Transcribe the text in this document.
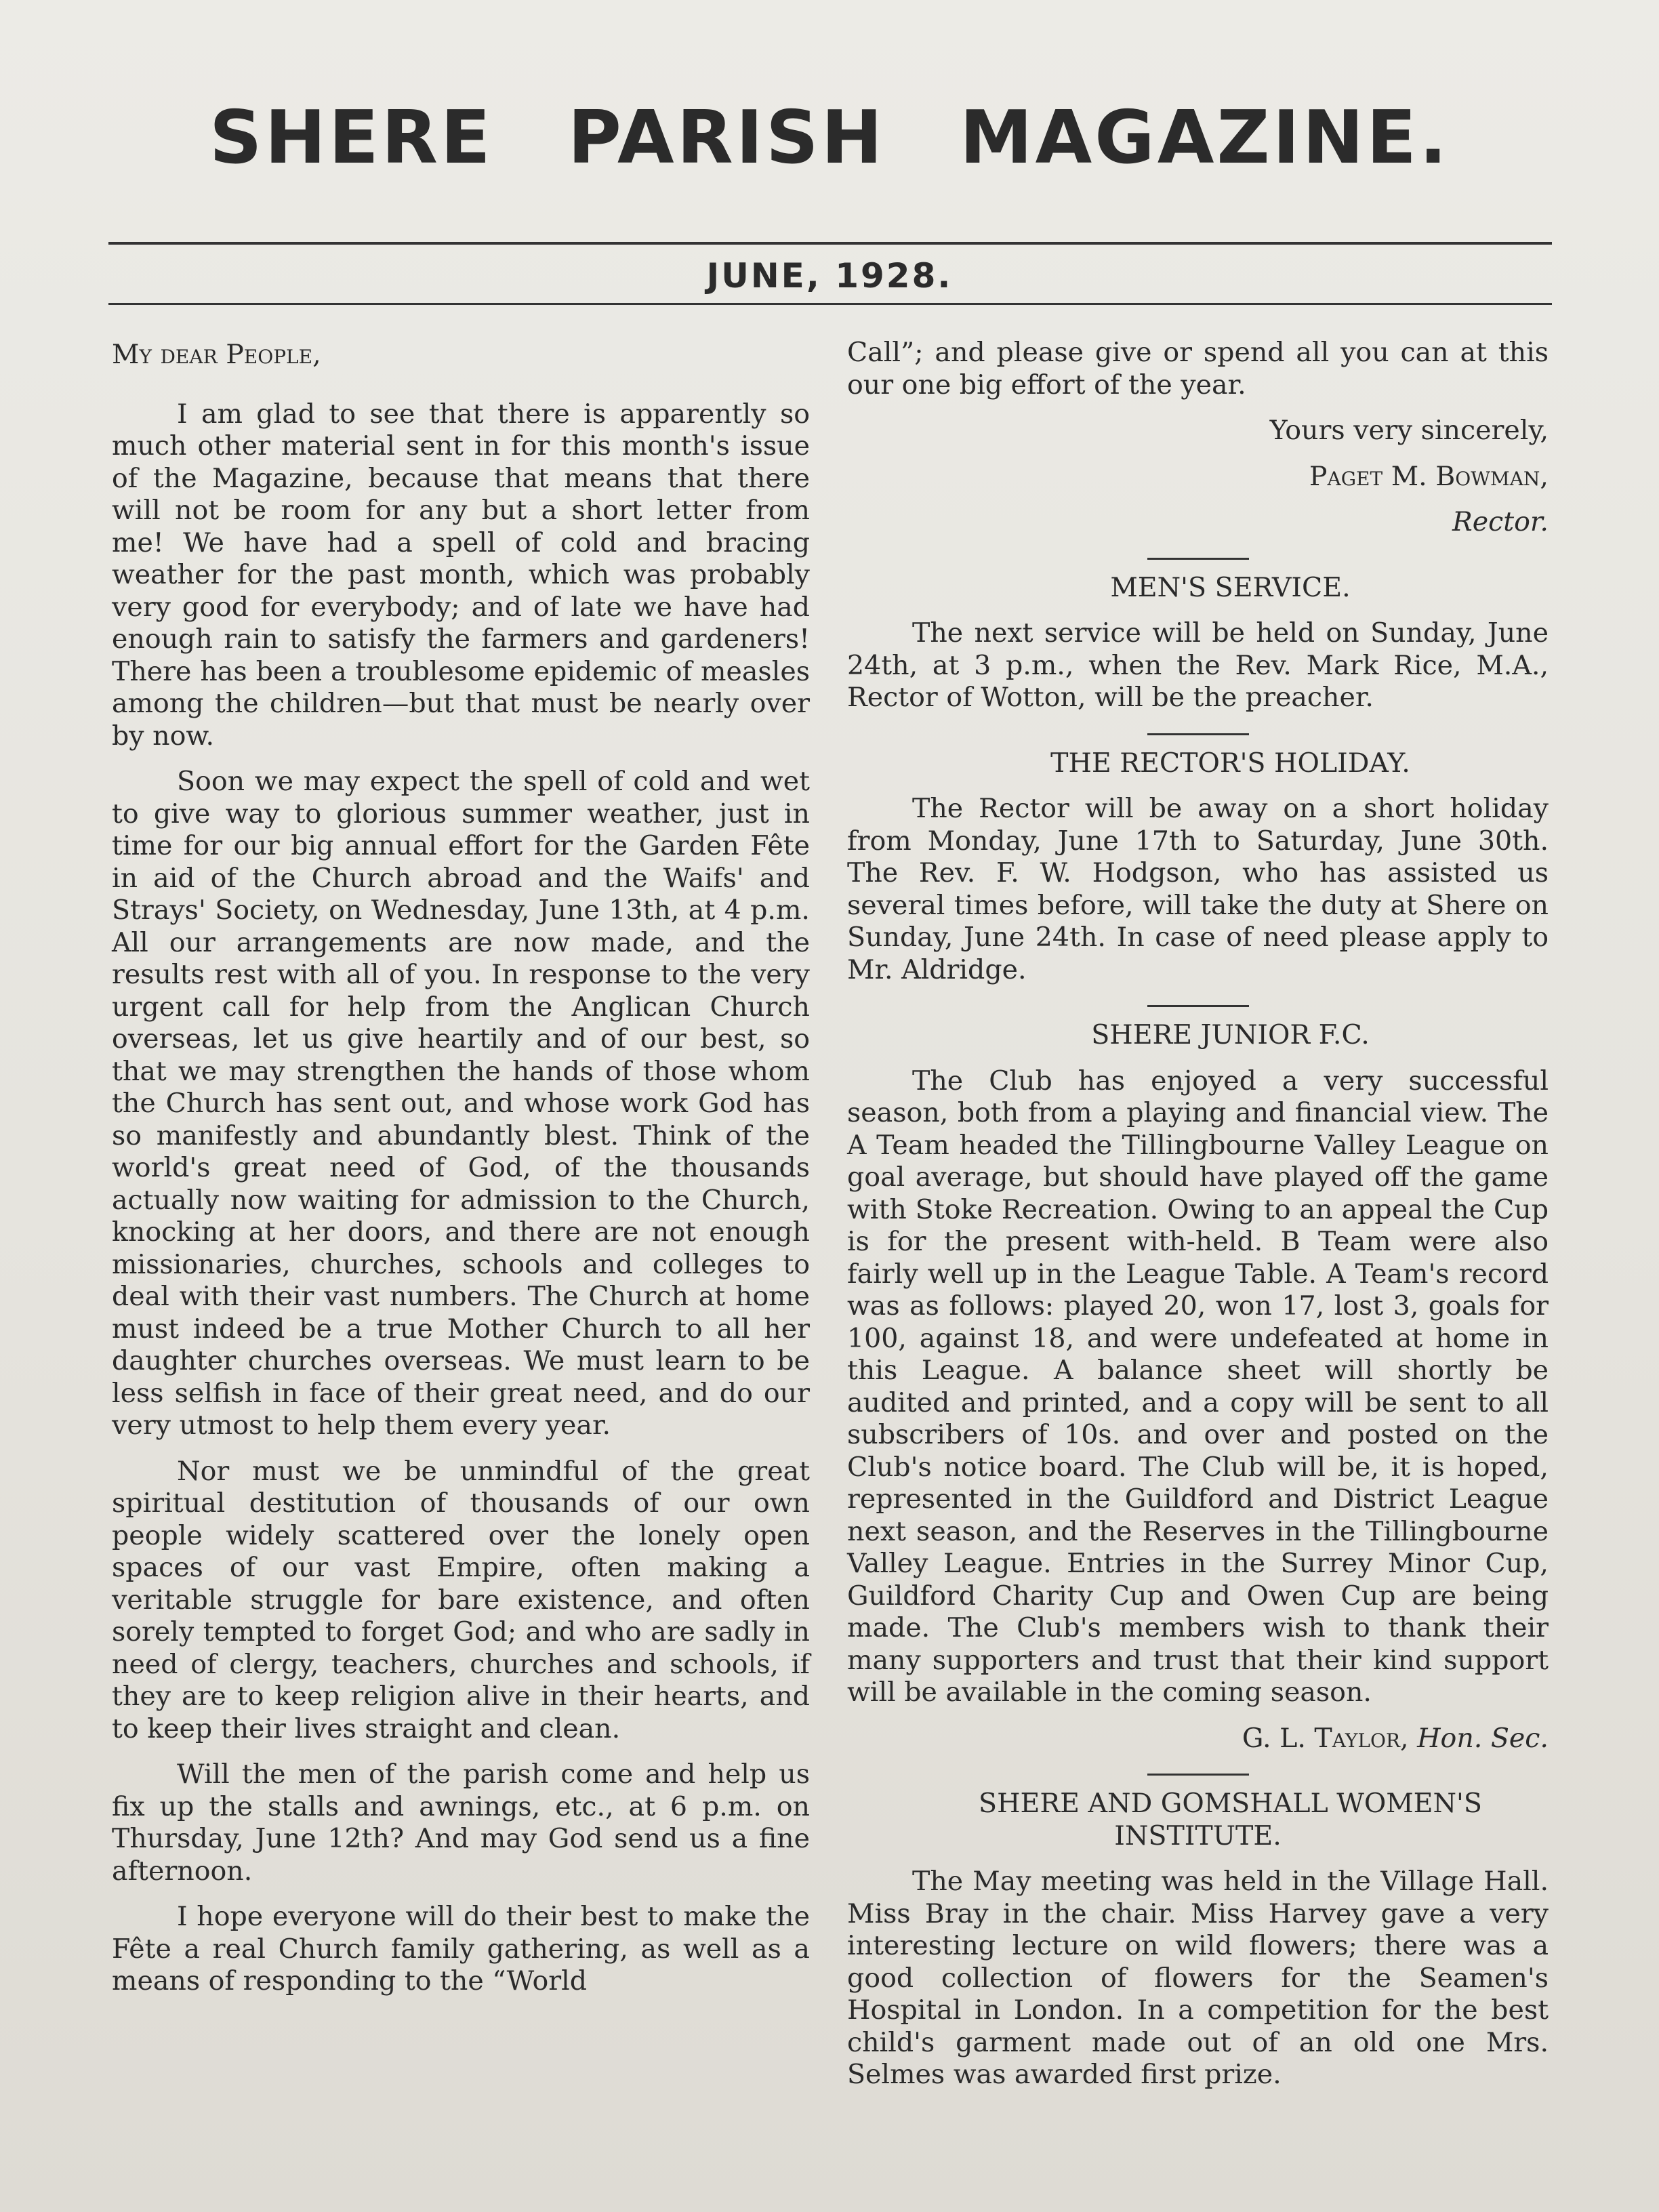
SHERE PARISH MAGAZINE.
JUNE, 1928.

My dear People,

I am glad to see that there is apparently so much other material sent in for this month's issue of the Magazine, because that means that there will not be room for any but a short letter from me! We have had a spell of cold and bracing weather for the past month, which was probably very good for everybody; and of late we have had enough rain to satisfy the farmers and gardeners! There has been a troublesome epidemic of measles among the children—but that must be nearly over by now.

Soon we may expect the spell of cold and wet to give way to glorious summer weather, just in time for our big annual effort for the Garden Fête in aid of the Church abroad and the Waifs' and Strays' Society, on Wednesday, June 13th, at 4 p.m. All our arrangements are now made, and the results rest with all of you. In response to the very urgent call for help from the Anglican Church overseas, let us give heartily and of our best, so that we may strengthen the hands of those whom the Church has sent out, and whose work God has so manifestly and abundantly blest. Think of the world's great need of God, of the thousands actually now waiting for admission to the Church, knocking at her doors, and there are not enough missionaries, churches, schools and colleges to deal with their vast numbers. The Church at home must indeed be a true Mother Church to all her daughter churches overseas. We must learn to be less selfish in face of their great need, and do our very utmost to help them every year.

Nor must we be unmindful of the great spiritual destitution of thousands of our own people widely scattered over the lonely open spaces of our vast Empire, often making a veritable struggle for bare existence, and often sorely tempted to forget God; and who are sadly in need of clergy, teachers, churches and schools, if they are to keep religion alive in their hearts, and to keep their lives straight and clean.

Will the men of the parish come and help us fix up the stalls and awnings, etc., at 6 p.m. on Thursday, June 12th? And may God send us a fine afternoon.

I hope everyone will do their best to make the Fête a real Church family gathering, as well as a means of responding to the “World

Call”; and please give or spend all you can at this our one big effort of the year.

Yours very sincerely,

Paget M. Bowman,

Rector.

MEN'S SERVICE.

The next service will be held on Sunday, June 24th, at 3 p.m., when the Rev. Mark Rice, M.A., Rector of Wotton, will be the preacher.

THE RECTOR'S HOLIDAY.

The Rector will be away on a short holiday from Monday, June 17th to Saturday, June 30th. The Rev. F. W. Hodgson, who has assisted us several times before, will take the duty at Shere on Sunday, June 24th. In case of need please apply to Mr. Aldridge.

SHERE JUNIOR F.C.

The Club has enjoyed a very successful season, both from a playing and financial view. The A Team headed the Tillingbourne Valley League on goal average, but should have played off the game with Stoke Recreation. Owing to an appeal the Cup is for the present with-held. B Team were also fairly well up in the League Table. A Team's record was as follows: played 20, won 17, lost 3, goals for 100, against 18, and were undefeated at home in this League. A balance sheet will shortly be audited and printed, and a copy will be sent to all subscribers of 10s. and over and posted on the Club's notice board. The Club will be, it is hoped, represented in the Guildford and District League next season, and the Reserves in the Tillingbourne Valley League. Entries in the Surrey Minor Cup, Guildford Charity Cup and Owen Cup are being made. The Club's members wish to thank their many supporters and trust that their kind support will be available in the coming season.

G. L. Taylor, Hon. Sec.

SHERE AND GOMSHALL WOMEN'S INSTITUTE.

The May meeting was held in the Village Hall. Miss Bray in the chair. Miss Harvey gave a very interesting lecture on wild flowers; there was a good collection of flowers for the Seamen's Hospital in London. In a competition for the best child's garment made out of an old one Mrs. Selmes was awarded first prize.
